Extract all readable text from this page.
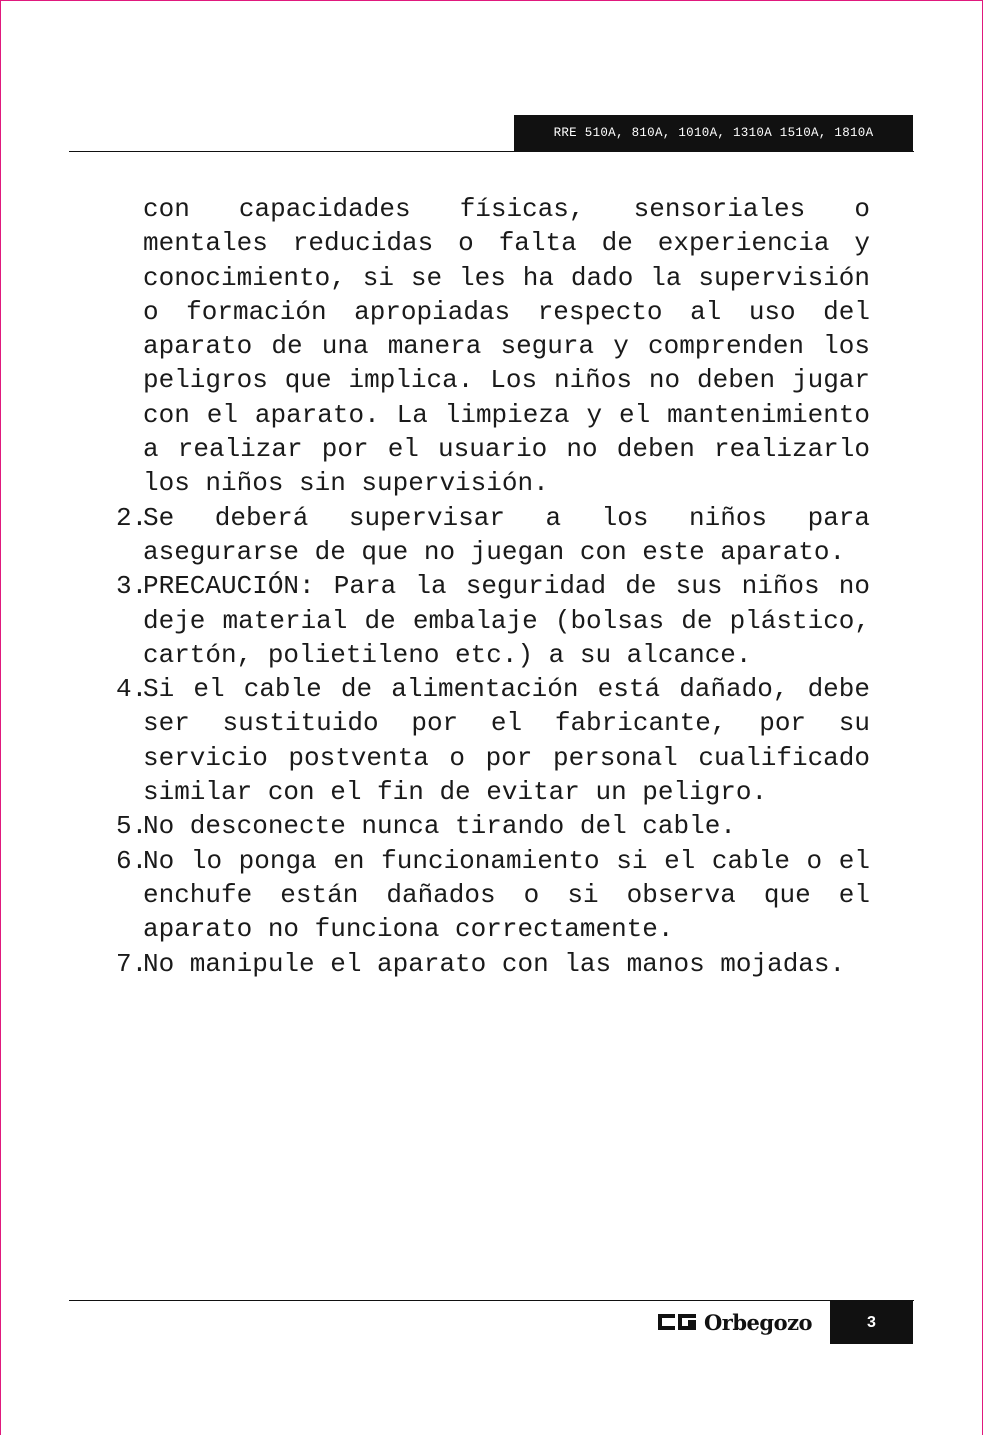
RRE 510A, 810A, 1010A, 1310A 1510A, 1810A
con capacidades físicas, sensoriales o mentales reducidas o falta de experiencia y conocimiento, si se les ha dado la supervisión o formación apropiadas respecto al uso del aparato de una manera segura y comprenden los peligros que implica. Los niños no deben jugar con el aparato. La limpieza y el mantenimiento a realizar por el usuario no deben realizarlo los niños sin supervisión.
2.
Se deberá supervisar a los niños para asegurarse de que no juegan con este aparato.
3.
PRECAUCIÓN: Para la seguridad de sus niños no deje material de embalaje (bolsas de plástico, cartón, polietileno etc.) a su alcance.
4.
Si el cable de alimentación está dañado, debe ser sustituido por el fabricante, por su servicio postventa o por personal cualificado similar con el fin de evitar un peligro.
5.
No desconecte nunca tirando del cable.
6.
No lo ponga en funcionamiento si el cable o el enchufe están dañados o si observa que el aparato no funciona correctamente.
7.
No manipule el aparato con las manos mojadas.
Orbegozo	3
